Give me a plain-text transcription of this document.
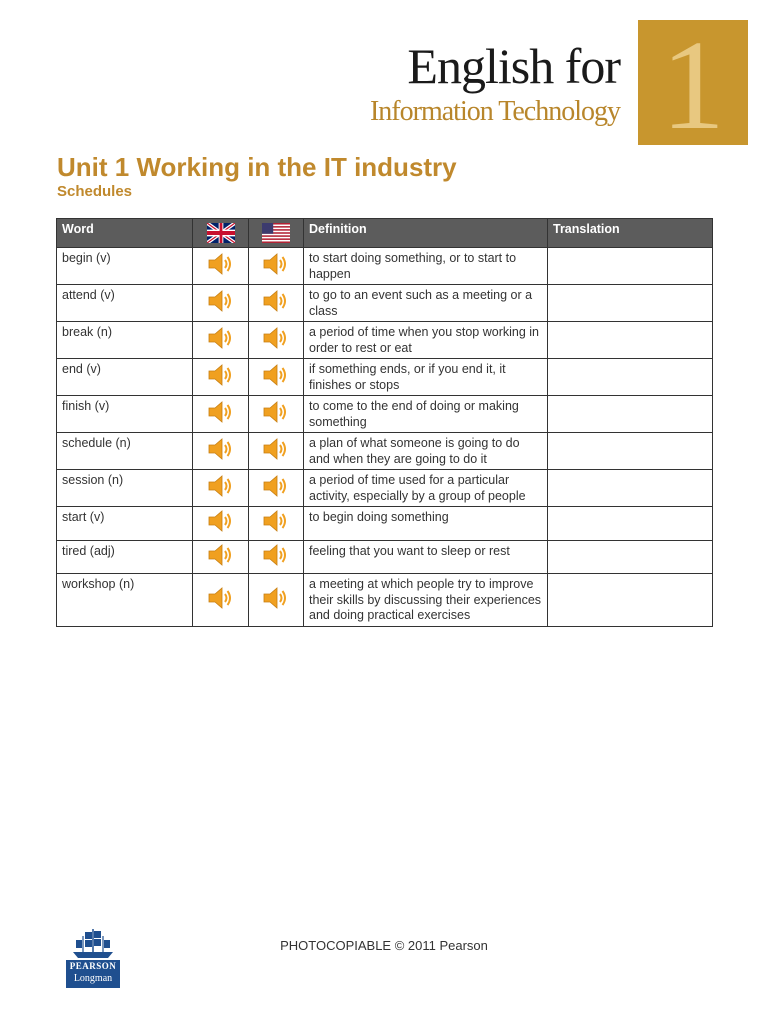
English for
Information Technology 1
Unit 1 Working in the IT industry
Schedules
Word			Definition	Translation
begin (v)			to start doing something, or to start to happen	
attend (v)			to go to an event such as a meeting or a class	
break (n)			a period of time when you stop working in order to rest or eat	
end (v)			if something ends, or if you end it, it finishes or stops	
finish (v)			to come to the end of doing or making something	
schedule (n)			a plan of what someone is going to do and when they are going to do it	
session (n)			a period of time used for a particular activity, especially by a group of people	
start (v)			to begin doing something	
tired (adj)			feeling that you want to sleep or rest	
workshop (n)			a meeting at which people try to improve their skills by discussing their experiences and doing practical exercises	
PEARSON
Longman
PHOTOCOPIABLE © 2011 Pearson
